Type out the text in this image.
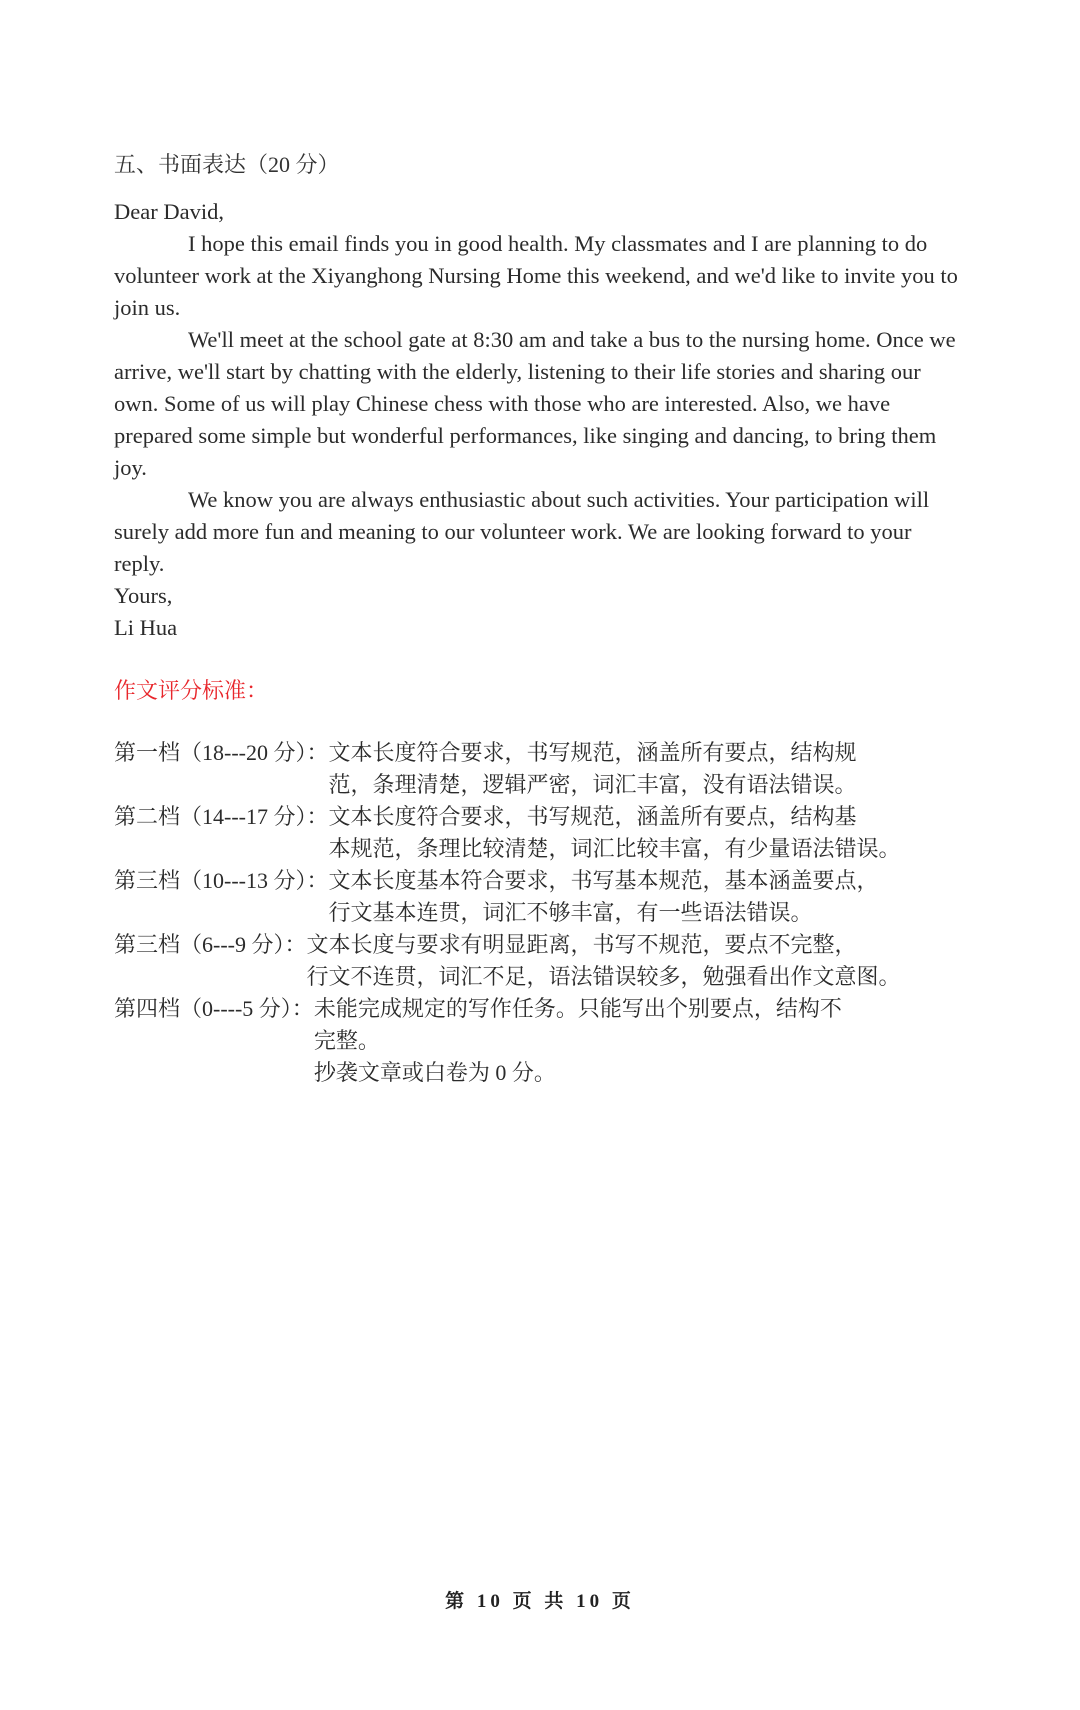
五、书面表达（20 分）

Dear David,

I hope this email finds you in good health. My classmates and I are planning to do volunteer work at the Xiyanghong Nursing Home this weekend, and we'd like to invite you to join us.

We'll meet at the school gate at 8:30 am and take a bus to the nursing home. Once we arrive, we'll start by chatting with the elderly, listening to their life stories and sharing our own. Some of us will play Chinese chess with those who are interested. Also, we have prepared some simple but wonderful performances, like singing and dancing, to bring them joy.

We know you are always enthusiastic about such activities. Your participation will surely add more fun and meaning to our volunteer work. We are looking forward to your reply.

Yours,

Li Hua

作文评分标准：
第一档（18---20 分）： 文本长度符合要求，书写规范，涵盖所有要点，结构规
范，条理清楚，逻辑严密，词汇丰富，没有语法错误。
第二档（14---17 分）： 文本长度符合要求，书写规范，涵盖所有要点，结构基
本规范，条理比较清楚，词汇比较丰富，有少量语法错误。
第三档（10---13 分）： 文本长度基本符合要求，书写基本规范，基本涵盖要点，
行文基本连贯，词汇不够丰富，有一些语法错误。
第三档（6---9 分）： 文本长度与要求有明显距离，书写不规范，要点不完整，
行文不连贯，词汇不足，语法错误较多，勉强看出作文意图。
第四档（0----5 分）： 未能完成规定的写作任务。只能写出个别要点，结构不
完整。
抄袭文章或白卷为 0 分。
第 10 页 共 10 页
